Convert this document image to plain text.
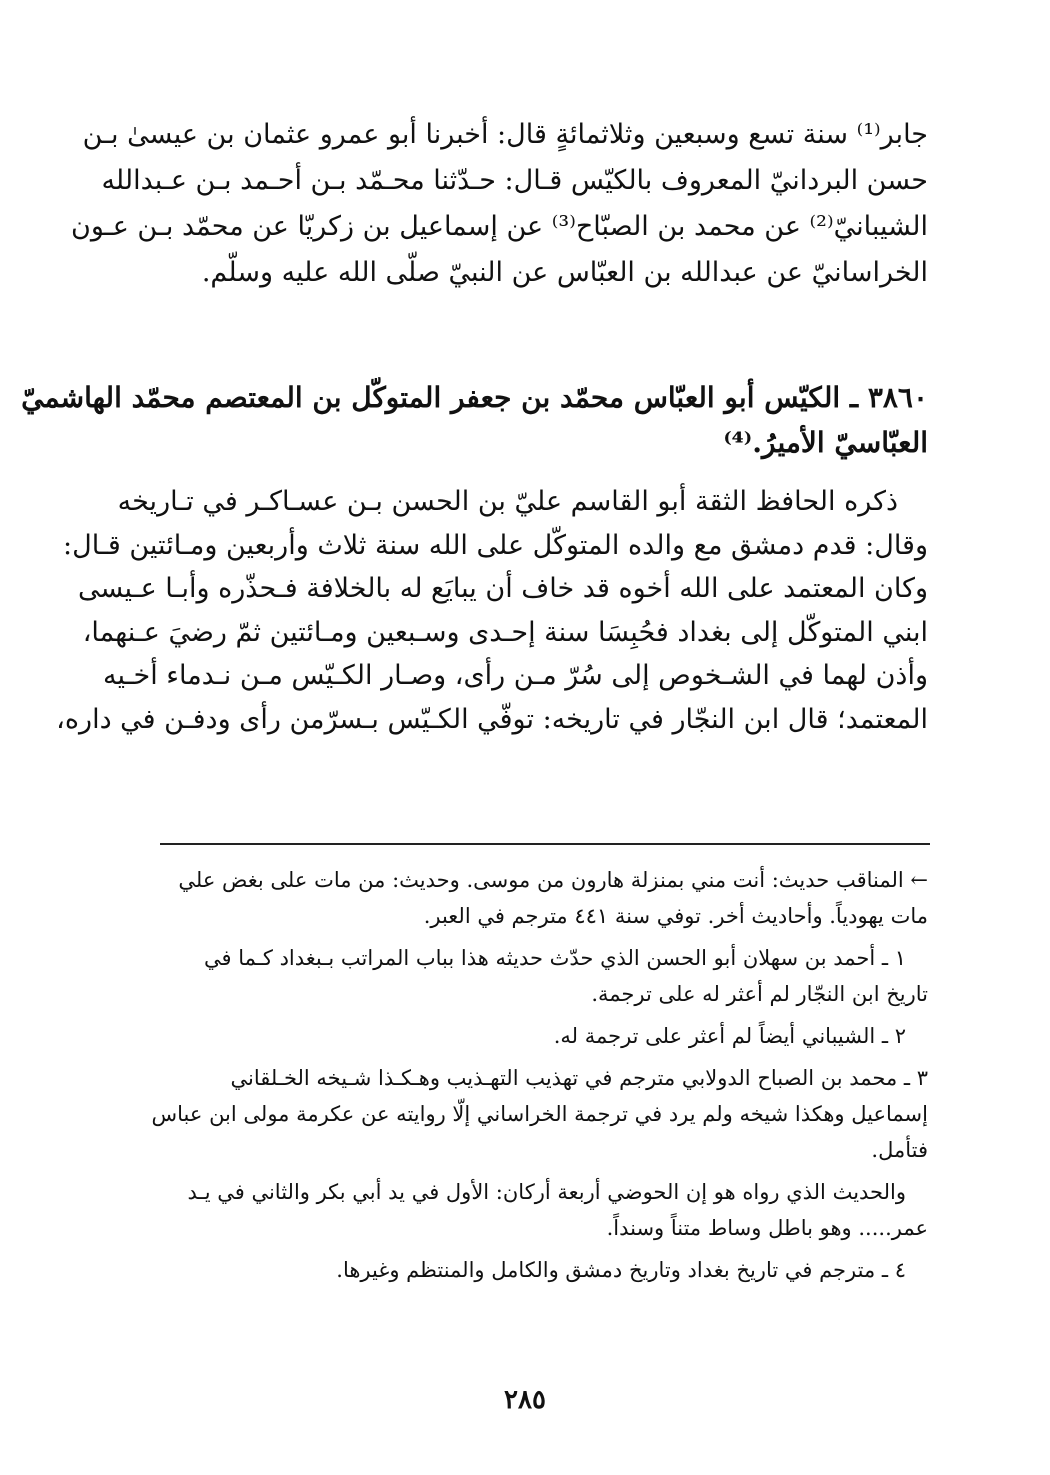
جابر⁽¹⁾ سنة تسع وسبعين وثلاثمائةٍ قال: أخبرنا أبو عمرو عثمان بن عيسىٰ بـن
حسن البردانيّ المعروف بالكيّس قـال: حـدّثنا محـمّد بـن أحـمد بـن عـبدالله
الشيبانيّ⁽²⁾ عن محمد بن الصبّاح⁽³⁾ عن إسماعيل بن زكريّا عن محمّد بـن عـون
الخراسانيّ عن عبدالله بن العبّاس عن النبيّ صلّى الله عليه وسلّم.
٣٨٦٠ ـ الكيّس أبو العبّاس محمّد بن جعفر المتوكّل بن المعتصم محمّد الهاشميّ
العبّاسيّ الأميرُ.⁽⁴⁾
ذكره الحافظ الثقة أبو القاسم عليّ بن الحسن بـن عسـاكـر في تـاريخه
وقال: قدم دمشق مع والده المتوكّل على الله سنة ثلاث وأربعين ومـائتين قـال:
وكان المعتمد على الله أخوه قد خاف أن يبايَع له بالخلافة فـحذّره وأبـا عـيسى
ابني المتوكّل إلى بغداد فحُبِسَا سنة إحـدى وسـبعين ومـائتين ثمّ رضيَ عـنهما،
وأذن لهما في الشـخوص إلى سُرّ مـن رأى، وصـار الكـيّس مـن نـدماء أخـيه
المعتمد؛ قال ابن النجّار في تاريخه: توفّي الكـيّس بـسرّمن رأى ودفـن في داره،
← المناقب حديث: أنت مني بمنزلة هارون من موسى. وحديث: من مات على بغض علي
مات يهودياً. وأحاديث أخر. توفي سنة ٤٤١ مترجم في العبر.
١ ـ أحمد بن سهلان أبو الحسن الذي حدّث حديثه هذا بباب المراتب بـبغداد كـما في
تاريخ ابن النجّار لم أعثر له على ترجمة.
٢ ـ الشيباني أيضاً لم أعثر على ترجمة له.
٣ ـ محمد بن الصباح الدولابي مترجم في تهذيب التهـذيب وهـكـذا شـيخه الخـلقاني
إسماعيل وهكذا شيخه ولم يرد في ترجمة الخراساني إلّا روايته عن عكرمة مولى ابن عباس
فتأمل.
والحديث الذي رواه هو إن الحوضي أربعة أركان: الأول في يد أبي بكر والثاني في يـد
عمر..... وهو باطل وساط متناً وسنداً.
٤ ـ مترجم في تاريخ بغداد وتاريخ دمشق والكامل والمنتظم وغيرها.
٢٨٥
